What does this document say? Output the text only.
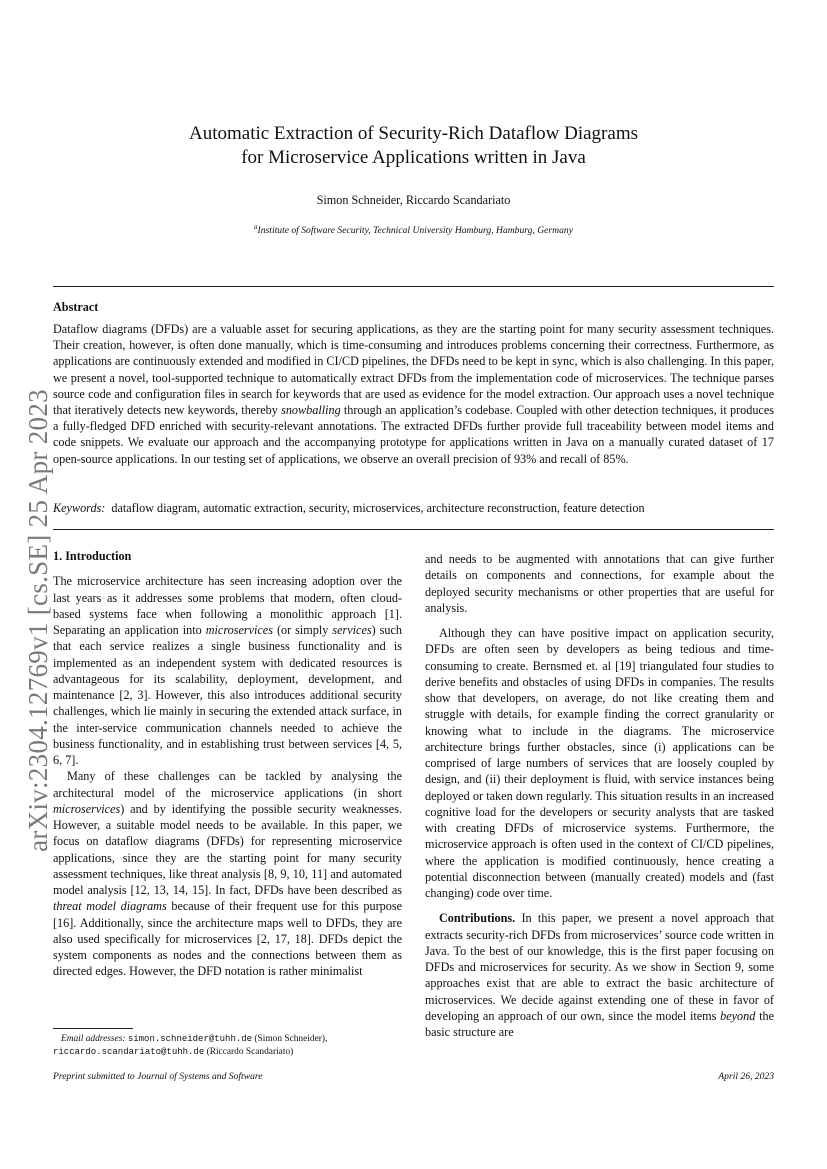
arXiv:2304.12769v1 [cs.SE] 25 Apr 2023
Automatic Extraction of Security-Rich Dataflow Diagrams
for Microservice Applications written in Java
Simon Schneider, Riccardo Scandariato
$^a$Institute of Software Security, Technical University Hamburg, Hamburg, Germany
Abstract

Dataflow diagrams (DFDs) are a valuable asset for securing applications, as they are the starting point for many security assessment techniques. Their creation, however, is often done manually, which is time-consuming and introduces problems concerning their correctness. Furthermore, as applications are continuously extended and modified in CI/CD pipelines, the DFDs need to be kept in sync, which is also challenging. In this paper, we present a novel, tool-supported technique to automatically extract DFDs from the implementation code of microservices. The technique parses source code and configuration files in search for keywords that are used as evidence for the model extraction. Our approach uses a novel technique that iteratively detects new keywords, thereby snowballing through an application’s codebase. Coupled with other detection techniques, it produces a fully-fledged DFD enriched with security-relevant annotations. The extracted DFDs further provide full traceability between model items and code snippets. We evaluate our approach and the accompanying prototype for applications written in Java on a manually curated dataset of 17 open-source applications. In our testing set of applications, we observe an overall precision of 93% and recall of 85%.

Keywords: dataflow diagram, automatic extraction, security, microservices, architecture reconstruction, feature detection
1. Introduction

The microservice architecture has seen increasing adoption over the last years as it addresses some problems that modern, often cloud-based systems face when following a monolithic approach [1]. Separating an application into microservices (or simply services) such that each service realizes a single business functionality and is implemented as an independent system with dedicated resources is advantageous for its scalability, deployment, development, and maintenance [2, 3]. However, this also introduces additional security challenges, which lie mainly in securing the extended attack surface, in the inter-service communication channels needed to achieve the business functionality, and in establishing trust between services [4, 5, 6, 7].

Many of these challenges can be tackled by analysing the architectural model of the microservice applications (in short microservices) and by identifying the possible security weaknesses. However, a suitable model needs to be available. In this paper, we focus on dataflow diagrams (DFDs) for representing microservice applications, since they are the starting point for many security assessment techniques, like threat analysis [8, 9, 10, 11] and automated model analysis [12, 13, 14, 15]. In fact, DFDs have been described as threat model diagrams because of their frequent use for this purpose [16]. Additionally, since the architecture maps well to DFDs, they are also used specifically for microservices [2, 17, 18]. DFDs depict the system components as nodes and the connections between them as directed edges. However, the DFD notation is rather minimalist

and needs to be augmented with annotations that can give further details on components and connections, for example about the deployed security mechanisms or other properties that are useful for analysis.

Although they can have positive impact on application security, DFDs are often seen by developers as being tedious and time-consuming to create. Bernsmed et. al [19] triangulated four studies to derive benefits and obstacles of using DFDs in companies. The results show that developers, on average, do not like creating them and struggle with details, for example finding the correct granularity or knowing what to include in the diagrams. The microservice architecture brings further obstacles, since (i) applications can be comprised of large numbers of services that are loosely coupled by design, and (ii) their deployment is fluid, with service instances being deployed or taken down regularly. This situation results in an increased cognitive load for the developers or security analysts that are tasked with creating DFDs of microservice systems. Furthermore, the microservice approach is often used in the context of CI/CD pipelines, where the application is modified continuously, hence creating a potential disconnection between (manually created) models and (fast changing) code over time.

Contributions. In this paper, we present a novel approach that extracts security-rich DFDs from microservices’ source code written in Java. To the best of our knowledge, this is the first paper focusing on DFDs and microservices for security. As we show in Section 9, some approaches exist that are able to extract the basic architecture of microservices. We decide against extending one of these in favor of developing an approach of our own, since the model items beyond the basic structure are

Email addresses: simon.schneider@tuhh.de (Simon Schneider),
riccardo.scandariato@tuhh.de (Riccardo Scandariato)
Preprint submitted to Journal of Systems and Software	April 26, 2023
